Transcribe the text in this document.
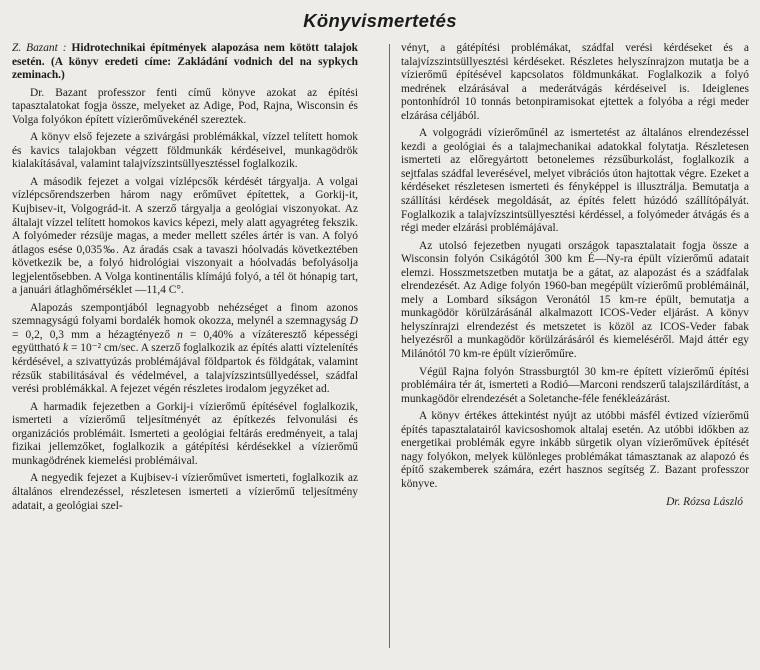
Könyvismertetés

Z. Bazant : Hidrotechnikai építmények alapozása nem kötött talajok esetén. (A könyv eredeti címe: Zakládání vodnich del na sypkych zeminach.)

Dr. Bazant professzor fenti című könyve azokat az építési tapasztalatokat fogja össze, melyeket az Adige, Pod, Rajna, Wisconsin és Volga folyókon épített vízierőművekénél szereztek.

A könyv első fejezete a szivárgási problémákkal, vízzel telített homok és kavics talajokban végzett földmunkák kérdéseivel, munkagödrök kialakításával, valamint talajvízszintsüllyesztéssel foglalkozik.

A második fejezet a volgai vízlépcsők kérdését tárgyalja. A volgai vízlépcsőrendszerben három nagy erőművet építettek, a Gorkij-it, Kujbisev-it, Volgográd-it. A szerző tárgyalja a geológiai viszonyokat. Az általajt vízzel telített homokos kavics képezi, mely alatt agyagréteg fekszik. A folyómeder rézsüje magas, a meder mellett széles ártér is van. A folyó átlagos esése 0,035‰. Az áradás csak a tavaszi hóolvadás következtében következik be, a folyó hidrológiai viszonyait a hóolvadás befolyásolja legjelentősebben. A Volga kontinentális klímájú folyó, a tél öt hónapig tart, a januári átlaghőmérséklet —11,4 C°.

Alapozás szempontjából legnagyobb nehézséget a finom azonos szemnagyságú folyami bordalék homok okozza, melynél a szemnagyság D = 0,2, 0,3 mm a hézagtényező n = 0,40% a vízáteresztő képességi együttható k = 10⁻² cm/sec. A szerző foglalkozik az építés alatti víztelenítés kérdésével, a szivattyúzás problémájával földpartok és földgátak, valamint rézsűk stabilitásával és védelmével, a talajvízszintsüllyedéssel, szádfal verési problémákkal. A fejezet végén részletes irodalom jegyzéket ad.

A harmadik fejezetben a Gorkij-i vízierőmű építésével foglalkozik, ismerteti a vízierőmű teljesítményét az építkezés felvonulási és organizációs problémáit. Ismerteti a geológiai feltárás eredményeit, a talaj fizikai jellemzőket, foglalkozik a gátépítési kérdésekkel a vízierőmű munkagödrének kiemelési problémáival.

A negyedik fejezet a Kujbisev-i vízierőművet ismerteti, foglalkozik az általános elrendezéssel, részletesen ismerteti a vízierőmű teljesítmény adatait, a geológiai szel-

vényt, a gátépítési problémákat, szádfal verési kérdéseket és a talajvízszintsüllyesztési kérdéseket. Részletes helyszínrajzon mutatja be a vízierőmű építésével kapcsolatos földmunkákat. Foglalkozik a folyó medrének elzárásával a mederátvágás kérdéseivel is. Ideiglenes pontonhídról 10 tonnás betonpiramisokat ejtettek a folyóba a régi meder elzárása céljából.

A volgográdi vízierőműnél az ismertetést az általános elrendezéssel kezdi a geológiai és a talajmechanikai adatokkal folytatja. Részletesen ismerteti az előregyártott betonelemes rézsűburkolást, foglalkozik a sejtfalas szádfal leverésével, melyet vibrációs úton hajtottak végre. Ezeket a kérdéseket részletesen ismerteti és fényképpel is illusztrálja. Bemutatja a szállítási kérdések megoldását, az építés felett húzódó szállítópályát. Foglalkozik a talajvízszintsüllyesztési kérdéssel, a folyómeder átvágás és a régi meder elzárási problémájával.

Az utolsó fejezetben nyugati országok tapasztalatait fogja össze a Wisconsin folyón Csikágótól 300 km É—Ny-ra épült vízierőmű adatait elemzi. Hosszmetszetben mutatja be a gátat, az alapozást és a szádfalak elrendezését. Az Adige folyón 1960-ban megépült vízierőmű problémáinál, mely a Lombard síkságon Veronától 15 km-re épült, bemutatja a munkagödör körülzárásánál alkalmazott ICOS-Veder eljárást. A könyv helyszínrajzi elrendezést és metszetet is közöl az ICOS-Veder fabak helyezésről a munkagödör körülzárásáról és kiemeléséről. Majd áttér egy Milánótól 70 km-re épült vízierőműre.

Végül Rajna folyón Strassburgtól 30 km-re épített vízierőmű építési problémáira tér át, ismerteti a Rodió—Marconi rendszerű talajszilárdítást, a munkagödör elrendezését a Soletanche-féle fenékleázárást.

A könyv értékes áttekintést nyújt az utóbbi másfél évtized vízierőmű építés tapasztalatairól kavicsoshomok altalaj esetén. Az utóbbi időkben az energetikai problémák egyre inkább sürgetik olyan vízierőművek építését nagy folyókon, melyek különleges problémákat támasztanak az alapozó és építő szakemberek számára, ezért hasznos segítség Z. Bazant professzor könyve.

Dr. Rózsa László
